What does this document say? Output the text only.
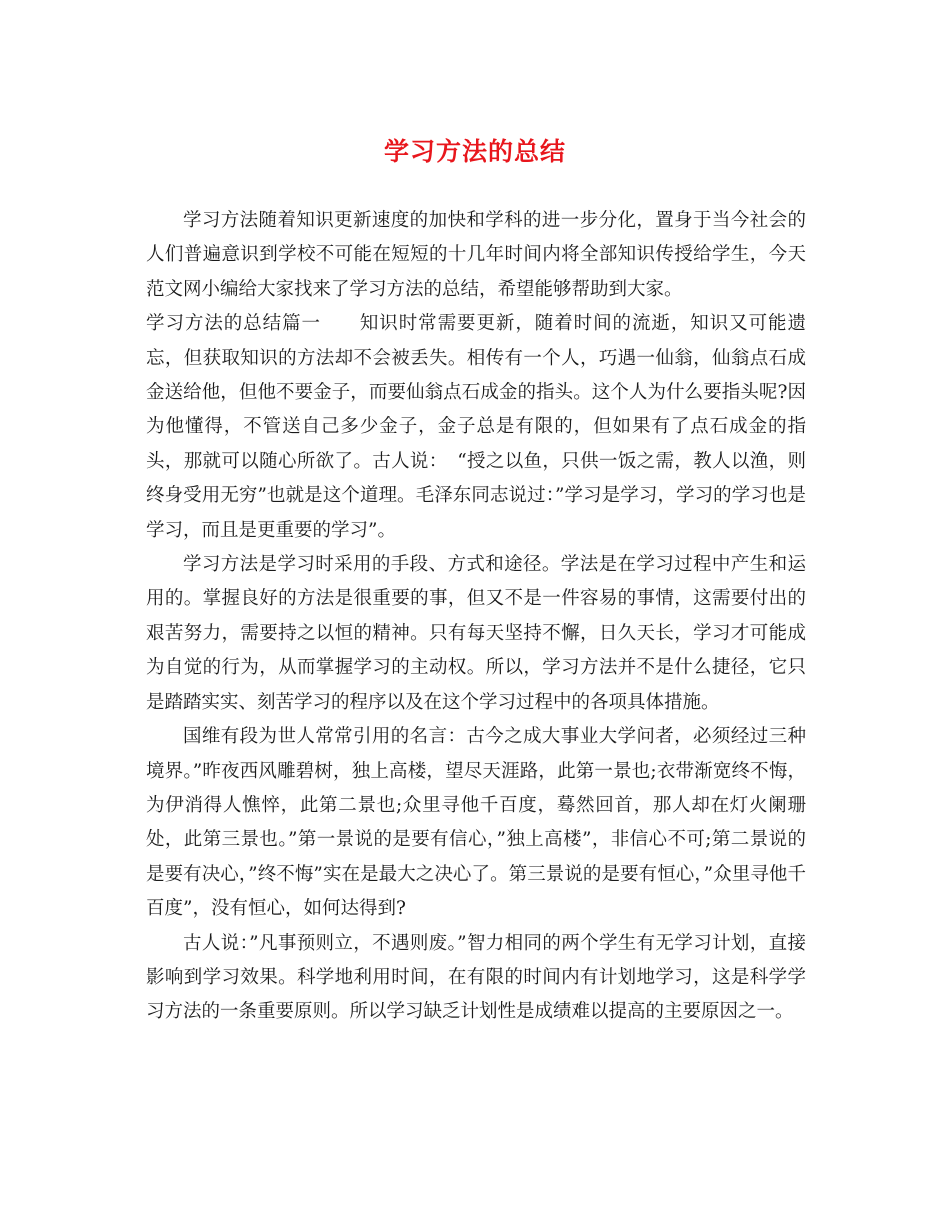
学习方法的总结

学习方法随着知识更新速度的加快和学科的进一步分化，置身于当今社会的人们普遍意识到学校不可能在短短的十几年时间内将全部知识传授给学生，今天范文网小编给大家找来了学习方法的总结，希望能够帮助到大家。

学习方法的总结篇一　　知识时常需要更新，随着时间的流逝，知识又可能遗忘，但获取知识的方法却不会被丢失。相传有一个人，巧遇一仙翁，仙翁点石成金送给他，但他不要金子，而要仙翁点石成金的指头。这个人为什么要指头呢?因为他懂得，不管送自己多少金子，金子总是有限的，但如果有了点石成金的指头，那就可以随心所欲了。古人说：　“授之以鱼，只供一饭之需，教人以渔，则终身受用无穷”也就是这个道理。毛泽东同志说过：”学习是学习，学习的学习也是学习，而且是更重要的学习”。

学习方法是学习时采用的手段、方式和途径。学法是在学习过程中产生和运用的。掌握良好的方法是很重要的事，但又不是一件容易的事情，这需要付出的艰苦努力，需要持之以恒的精神。只有每天坚持不懈，日久天长，学习才可能成为自觉的行为，从而掌握学习的主动权。所以，学习方法并不是什么捷径，它只是踏踏实实、刻苦学习的程序以及在这个学习过程中的各项具体措施。

国维有段为世人常常引用的名言：古今之成大事业大学问者，必须经过三种境界。”昨夜西风雕碧树，独上高楼，望尽天涯路，此第一景也;衣带渐宽终不悔，为伊消得人憔悴，此第二景也;众里寻他千百度，蓦然回首，那人却在灯火阑珊处，此第三景也。”第一景说的是要有信心，”独上高楼”，非信心不可;第二景说的是要有决心，”终不悔”实在是最大之决心了。第三景说的是要有恒心，”众里寻他千百度”，没有恒心，如何达得到?

古人说：”凡事预则立，不遇则废。”智力相同的两个学生有无学习计划，直接影响到学习效果。科学地利用时间，在有限的时间内有计划地学习，这是科学学习方法的一条重要原则。所以学习缺乏计划性是成绩难以提高的主要原因之一。
